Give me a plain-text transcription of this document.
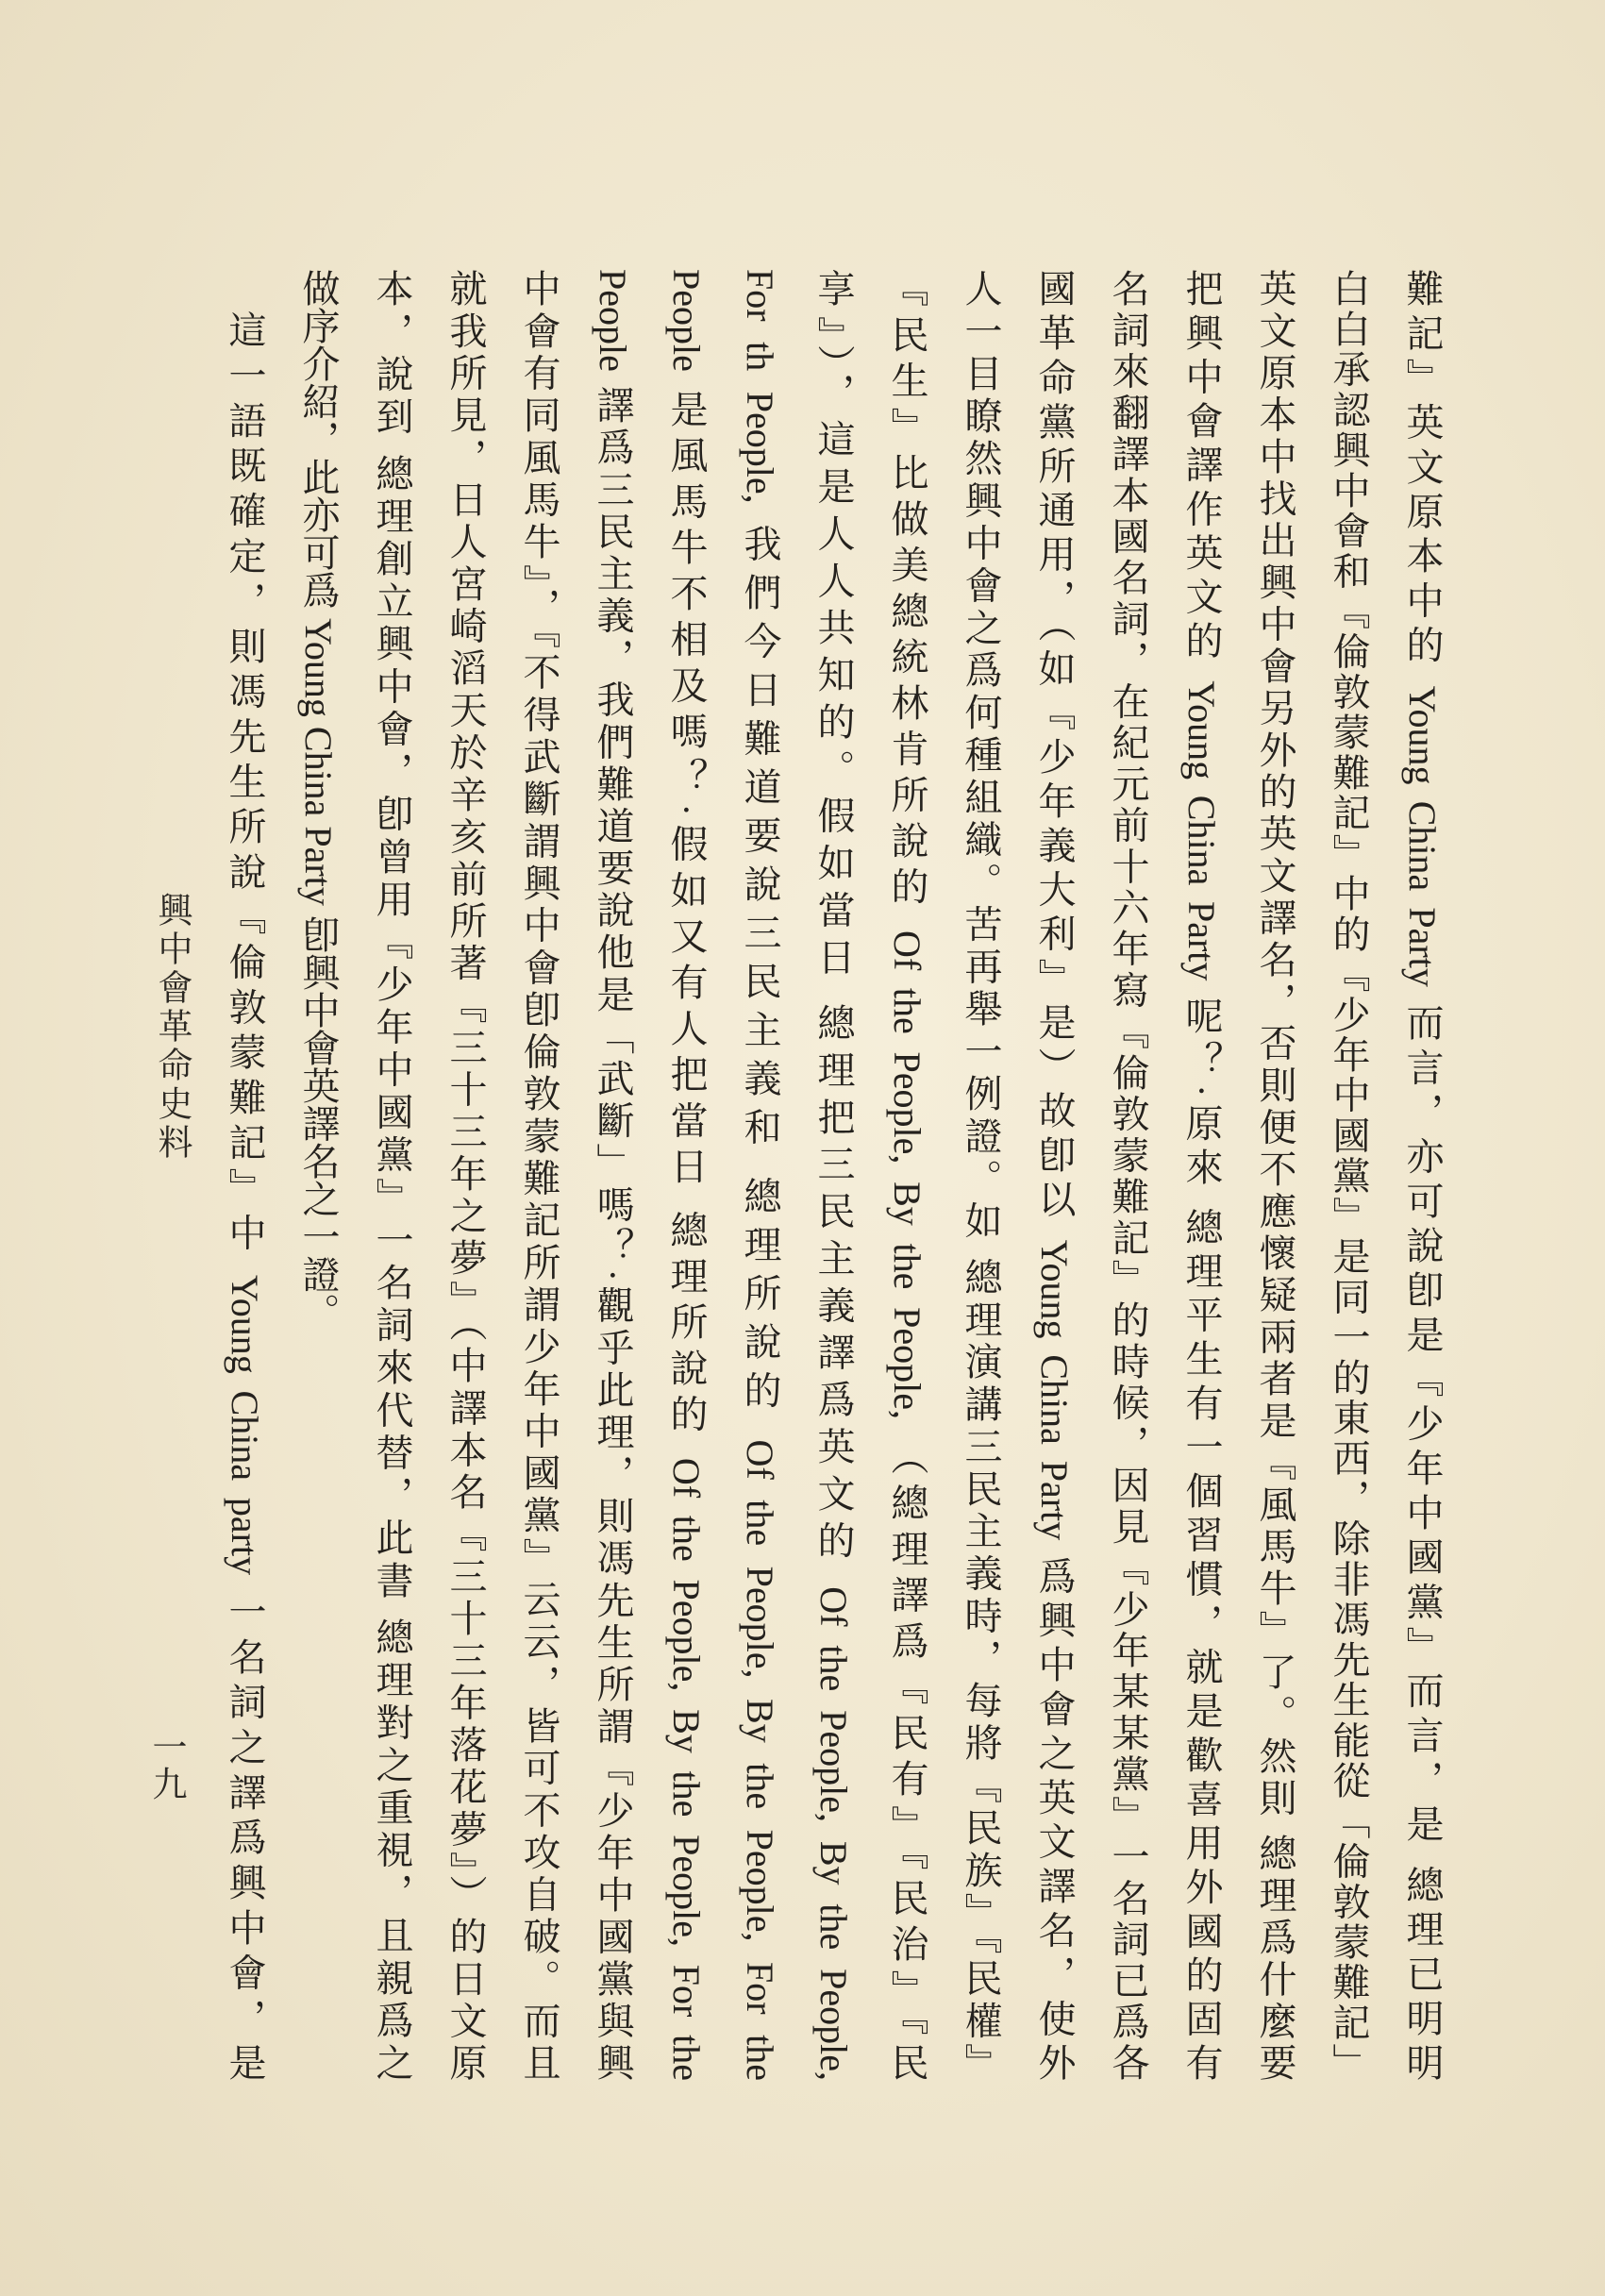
難記』英文原本中的 Young China Party 而言，亦可說卽是『少年中國黨』而言，是 總理已明明
白白承認興中會和『倫敦蒙難記』中的『少年中國黨』是同一的東西，除非馮先生能從「倫敦蒙難記」
英文原本中找出興中會另外的英文譯名，否則便不應懷疑兩者是『風馬牛』了。然則 總理爲什麼要
把興中會譯作英文的 Young China Party 呢？·原來 總理平生有一個習慣，就是歡喜用外國的固有
名詞來翻譯本國名詞，在紀元前十六年寫『倫敦蒙難記』的時候，因見『少年某某黨』一名詞已爲各
國革命黨所通用，（如『少年義大利』是）故卽以 Young China Party 爲興中會之英文譯名，使外
人一目瞭然興中會之爲何種組織。苦再舉一例證。如 總理演講三民主義時，每將『民族』『民權』
『民生』比做美總統林肯所說的 Of the People, By the People, （總理譯爲『民有』『民治』『民
享』），這是人人共知的。假如當日 總理把三民主義譯爲英文的 Of the People, By the People,
For th People, 我們今日難道要說三民主義和 總理所說的 Of the People, By the People, For the
People 是風馬牛不相及嗎？·假如又有人把當日 總理所說的 Of the People, By the People, For the
People 譯爲三民主義，我們難道要說他是「武斷」嗎？·觀乎此理，則馮先生所謂『少年中國黨與興
中會有同風馬牛』，『不得武斷謂興中會卽倫敦蒙難記所謂少年中國黨』云云，皆可不攻自破。而且
就我所見，日人宮崎滔天於辛亥前所著『三十三年之夢』（中譯本名『三十三年落花夢』）的日文原
本，說到 總理創立興中會，卽曾用『少年中國黨』一名詞來代替，此書 總理對之重視，且親爲之
做序介紹，此亦可爲 Young China Party 卽興中會英譯名之一證。
這一語既確定，則馮先生所說『倫敦蒙難記』中 Young China party 一名詞之譯爲興中會，是
興中會革命史料
一九
